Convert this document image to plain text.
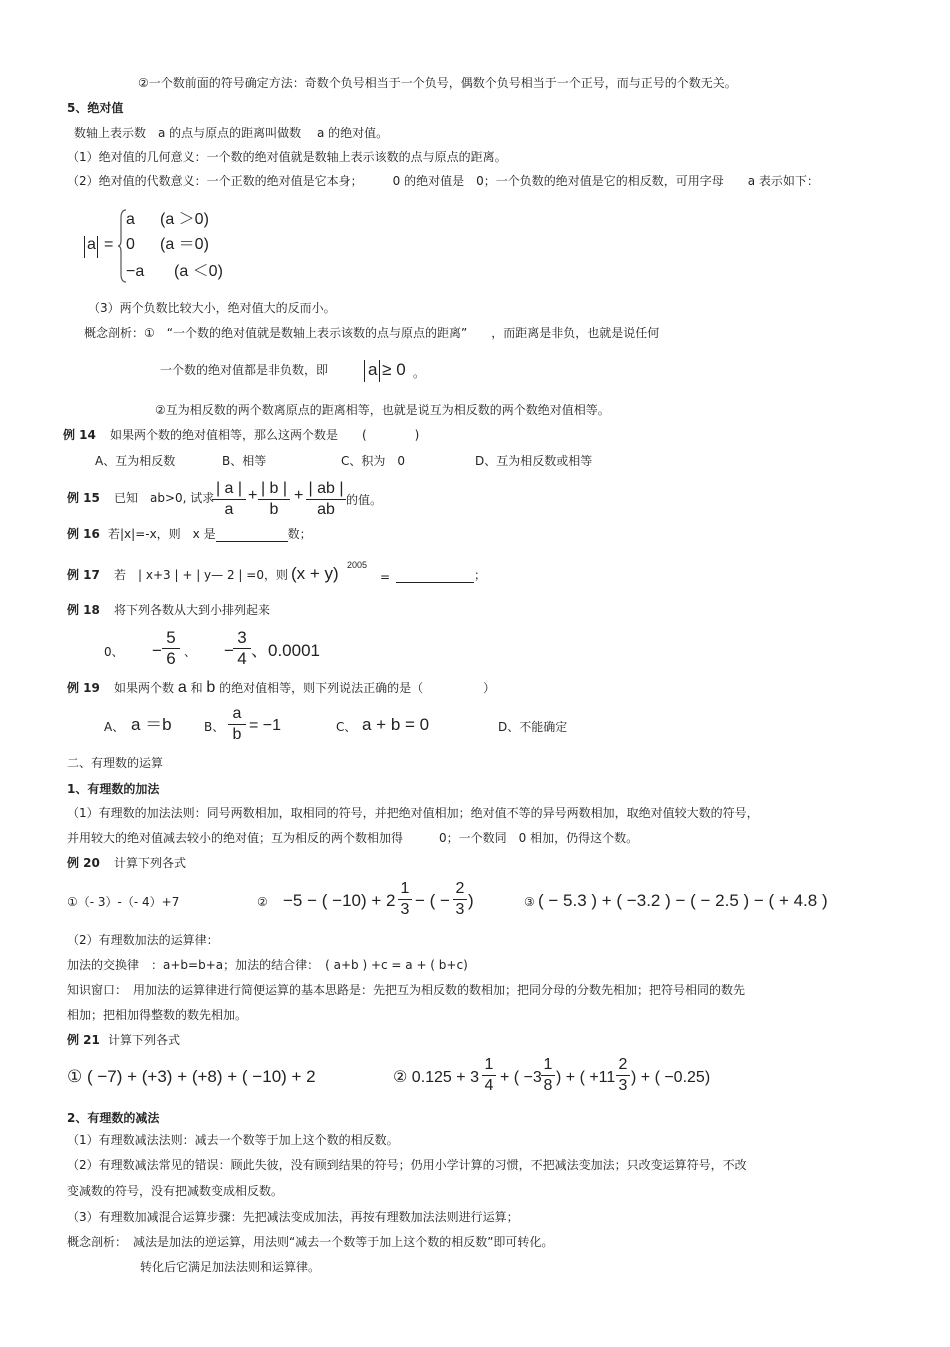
②一个数前面的符号确定方法：奇数个负号相当于一个负号，偶数个负号相当于一个正号，而与正号的个数无关。
5、绝对值
数轴上表示数　a 的点与原点的距离叫做数　 a 的绝对值。
（1）绝对值的几何意义：一个数的绝对值就是数轴上表示该数的点与原点的距离。
（2）绝对值的代数意义：一个正数的绝对值是它本身；　　　0 的绝对值是　0；一个负数的绝对值是它的相反数，可用字母　　a 表示如下：
a =
a (a ＞0)
0 (a ＝0)
−a (a ＜0)
（3）两个负数比较大小，绝对值大的反而小。
概念剖析：①　“一个数的绝对值就是数轴上表示该数的点与原点的距离”　　，而距离是非负，也就是说任何
一个数的绝对值都是非负数，即 a ≥ 0 。
②互为相反数的两个数离原点的距离相等，也就是说互为相反数的两个数绝对值相等。
例 14 如果两个数的绝对值相等，那么这两个数是　　(　　　　)
A、互为相反数	B、相等	C、积为　0	D、互为相反数或相等
例 15 已知　ab>0, 试求
| a |
a
+ | b |
b
+ | ab |
ab
的值。
例 16 若|x|=-x，则　x 是	数；
例 17 若　| x+3 | + | y— 2 | =0，则 (x + y) 2005
=	；
例 18 将下列各数从大到小排列起来
0、 −
5
6 、 −
3
4 、0.0001
例 19 如果两个数 a 和 b 的绝对值相等，则下列说法正确的是（　　　　　）
A、 a ＝b	B、
a
b
= −1	C、 a + b = 0	D、不能确定
二、有理数的运算
1、有理数的加法
（1）有理数的加法法则：同号两数相加，取相同的符号，并把绝对值相加；绝对值不等的异号两数相加，取绝对值较大数的符号，
并用较大的绝对值减去较小的绝对值；互为相反的两个数相加得　　　0；一个数同　0 相加，仍得这个数。
例 20 计算下列各式
①（- 3）-（- 4）+7	② −5 − ( −10) + 2
1
3 − ( −
2
3 )	③ ( − 5.3 ) + ( −3.2 ) − ( − 2.5 ) − ( + 4.8 )
（2）有理数加法的运算律：
加法的交换律　：a+b=b+a；加法的结合律：　( a+b ) +c = a + ( b+c)
知识窗口：　用加法的运算律进行简便运算的基本思路是：先把互为相反数的数相加；把同分母的分数先相加；把符号相同的数先
相加；把相加得整数的数先相加。
例 21 计算下列各式
① ( −7) + (+3) + (+8) + ( −10) + 2	② 0.125 + 3
1
4 + ( −3
1
8 ) + ( +11
2
3 ) + ( −0.25)
2、有理数的减法
（1）有理数减法法则：减去一个数等于加上这个数的相反数。
（2）有理数减法常见的错误：顾此失彼，没有顾到结果的符号；仍用小学计算的习惯，不把减法变加法；只改变运算符号，不改
变减数的符号，没有把减数变成相反数。
（3）有理数加减混合运算步骤：先把减法变成加法，再按有理数加法法则进行运算；
概念剖析：　减法是加法的逆运算，用法则“减去一个数等于加上这个数的相反数”即可转化。
转化后它满足加法法则和运算律。
